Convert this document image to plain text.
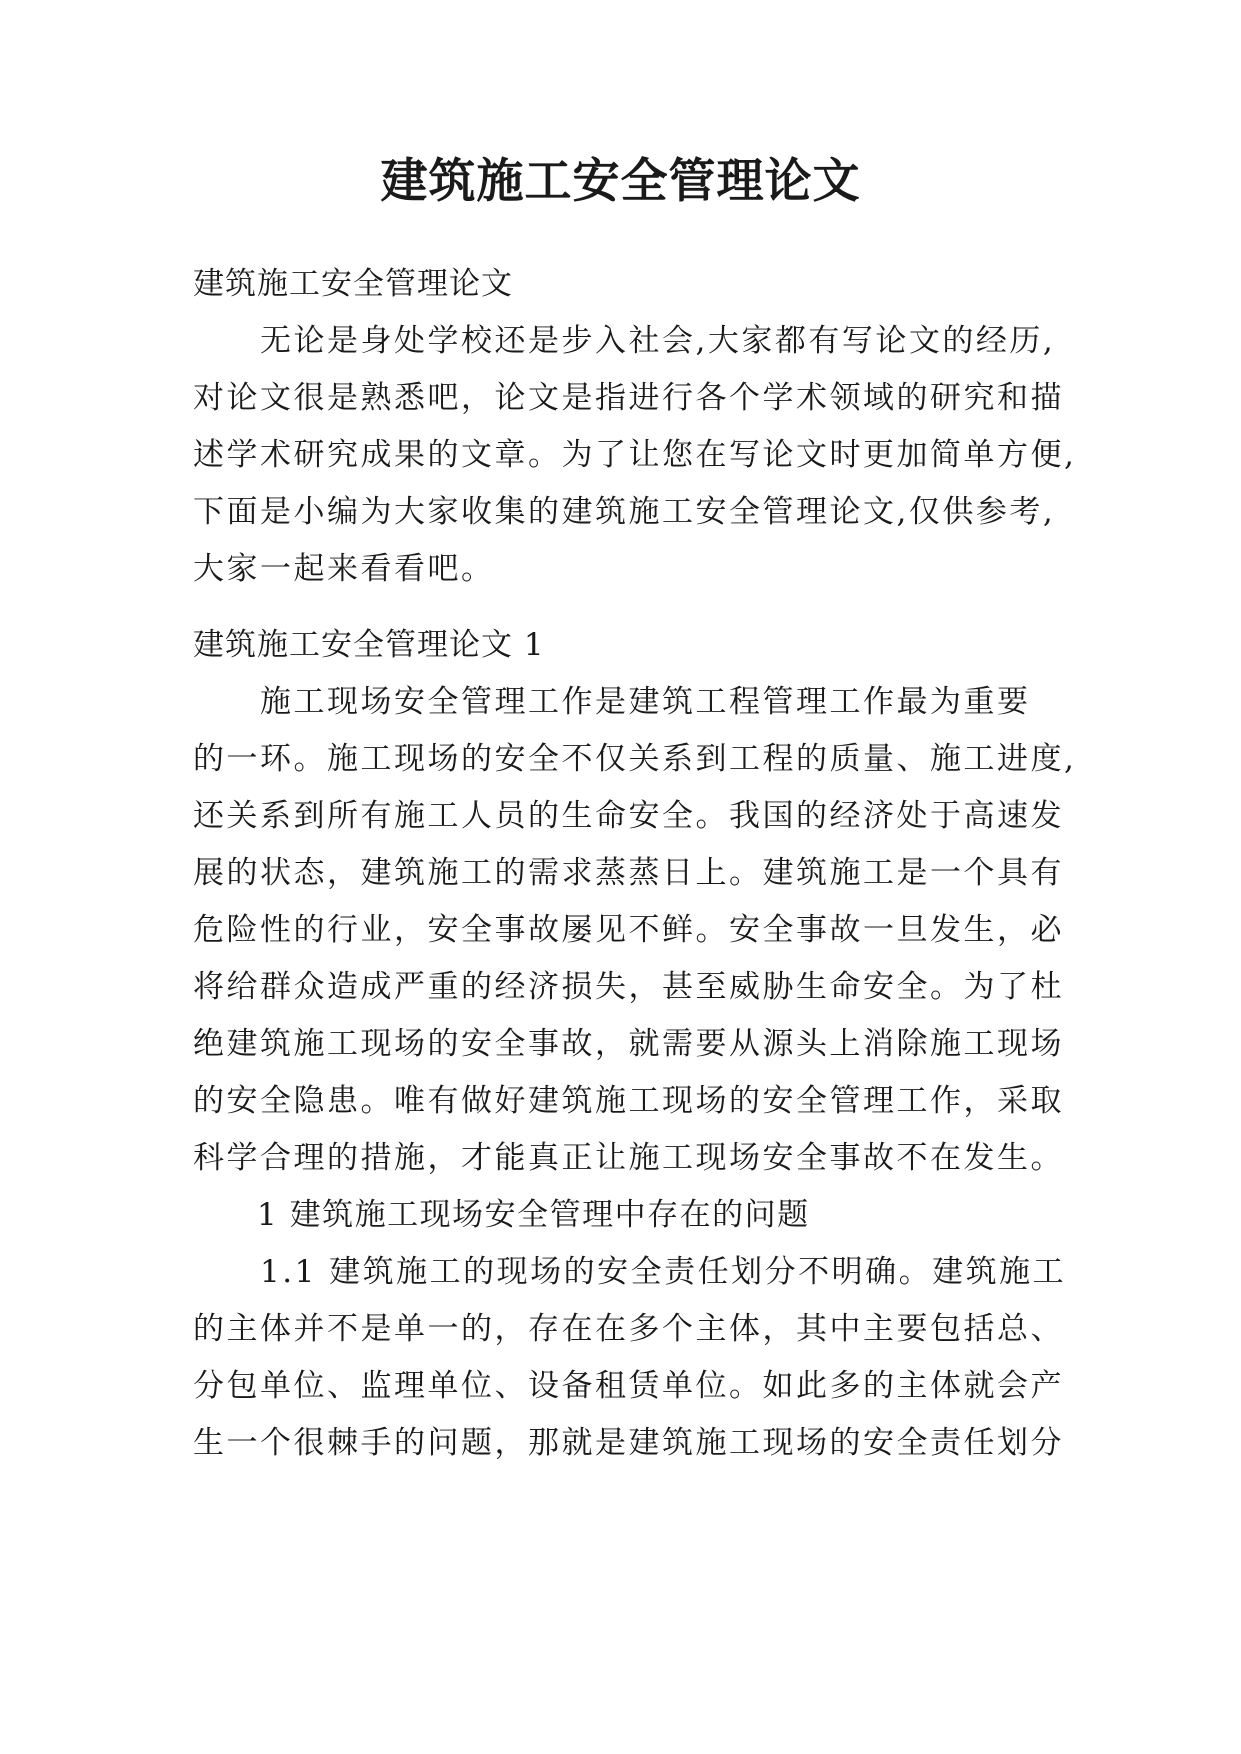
建筑施工安全管理论文

建筑施工安全管理论文

　　无论是身处学校还是步入社会,大家都有写论文的经历,
对论文很是熟悉吧，论文是指进行各个学术领域的研究和描
述学术研究成果的文章。为了让您在写论文时更加简单方便,
下面是小编为大家收集的建筑施工安全管理论文,仅供参考,
大家一起来看看吧。

建筑施工安全管理论文 1

　　施工现场安全管理工作是建筑工程管理工作最为重要
的一环。施工现场的安全不仅关系到工程的质量、施工进度,
还关系到所有施工人员的生命安全。我国的经济处于高速发
展的状态，建筑施工的需求蒸蒸日上。建筑施工是一个具有
危险性的行业，安全事故屡见不鲜。安全事故一旦发生，必
将给群众造成严重的经济损失，甚至威胁生命安全。为了杜
绝建筑施工现场的安全事故，就需要从源头上消除施工现场
的安全隐患。唯有做好建筑施工现场的安全管理工作，采取
科学合理的措施，才能真正让施工现场安全事故不在发生。

1 建筑施工现场安全管理中存在的问题

　　1.1 建筑施工的现场的安全责任划分不明确。建筑施工
的主体并不是单一的，存在在多个主体，其中主要包括总、
分包单位、监理单位、设备租赁单位。如此多的主体就会产
生一个很棘手的问题，那就是建筑施工现场的安全责任划分
